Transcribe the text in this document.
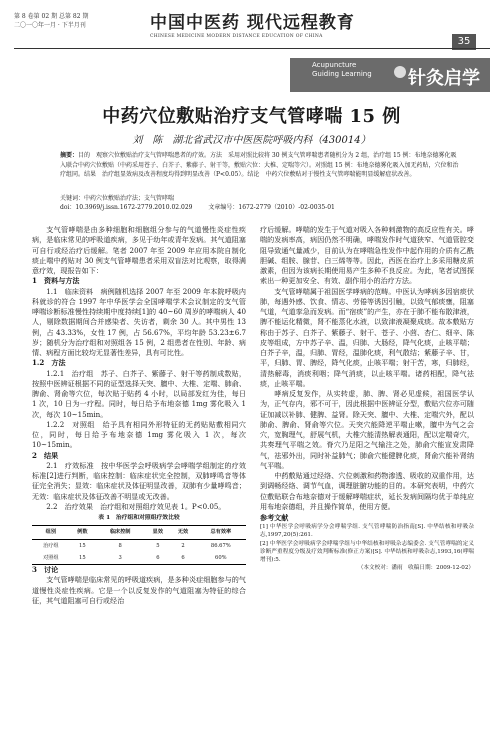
第 8 卷第 02 期 总第 82 期
二〇一〇年一月 · 下半月刊	中国中医药 现代远程教育
CHINESE MEDICINE MODERN DISTANCE EDUCATION OF CHINA	35
Acupuncture
Guiding Learning 针灸启学
中药穴位敷贴治疗支气管哮喘 15 例
刘　陈　湖北省武汉市中医医院呼吸内科（430014）
摘要：目的　观察穴位敷贴治疗支气管哮喘患者的疗效。方法　采用对照比较将 30 例支气管哮喘患者随机分为 2 组，治疗组 15 例：布地奈德雾化吸入联合中药穴位敷贴（中药采用苍子、白芥子、紫藤子、射干等，敷贴穴位：大椎、定喘等穴）。对照组 15 例：布地奈德雾化吸入加无药贴，穴位和治疗组同。结果　治疗组显效病及改善程度均得到明显改善（P<0.05）。结论　中药穴位敷贴对于慢性支气管哮喘能明显缓解症状改善。
关键词：中药穴位敷贴治疗法；支气管哮喘
doi：10.3969/j.issn.1672-2779.2010.02.029	文章编号：1672-2779（2010）-02-0035-01

支气管哮喘是由多种细胞和细胞组分参与的气道慢性炎症性疾病，是临床常见的呼吸道疾病，多见于幼年或青年发病。其气道阻塞可自行或经治疗后缓解。笔者 2007 年至 2009 年应用本院自制化痰止喘中药贴对 30 例支气管哮喘患者采用双盲法对比观察，取得满意疗效，现报告如下：

1　资料与方法

1.1　临床资料　病例随机选择 2007 年至 2009 年本院呼吸内科就诊的符合 1997 年中华医学会全国哮喘学术会议制定的支气管哮喘诊断标准慢性持续期中度持续[1]的 40~60 周岁的哮喘病人 40 人，剔除数据期间合并感染者、失访者，剩余 30 人。其中男性 13 例，占 43.33%，女性 17 例，占 56.67%，平均年龄 53.23±6.7 岁；随机分为治疗组和对照组各 15 例，2 组患者在性别、年龄、病情、病程方面比较均无显著性差异，具有可比性。

1.2　方法

1.2.1　治疗组　苏子、白芥子、紫藤子、射干等药制成数贴，按照中医辨证根据不同的证型选择天突、膻中、大椎、定喘、肺俞、脾俞、肾俞等穴位，每次贴于贴药 4 小时，以局部发红为佳，每日 1 次，10 日为一疗程。同时，每日给予布地奈德 1mg 雾化吸入 1 次，每次 10~15min。

1.2.2　对照组　给予具有相同外形特征的无药贴贴敷相同穴位，同时，每日给予布地奈德 1mg 雾化吸入 1 次，每次 10~15min。

2　结果

2.1　疗效标准　按中华医学会呼吸病学会哮喘学组制定的疗效标准[2]进行判断，临床控制：临床症状完全控制，双肺哮鸣音等体征完全消失；显效：临床症状及体征明显改善，双肺有少量哮鸣音；无效：临床症状及体征改善不明显或无改善。

2.2　治疗效果　治疗组和对照组疗效见表 1。P<0.05。

表 1　治疗组和对照组疗效比较
组别	例数	临床控制	显效	无效	总有效率
治疗组	15	8	5	2	86.67%
对照组	15	3	6	6	60%

3　讨论

支气管哮喘是临床常见的呼吸道疾病，是多种炎症细胞参与的气道慢性炎症性疾病。它是一个以反复发作的气道阻塞为特征的综合征，其气道阻塞可自行或经治

疗后缓解。哮喘的发生于气道对吸入各种刺激物的高反应性有关。哮喘的发病率高，病因仍然不明确，哮喘发作时气道狭窄、气道管腔变阻导致通气量减少，目前认为在哮喘急性发作中起作用的介质有乙酰胆碱、组胺、腺苷、白三烯等等。因此，西医在治疗上多采用糖皮质激素，但因为该病长期使用易产生多种不良反应。为此，笔者试图探索出一种更加安全、有效、副作用小的治疗方法。

支气管哮喘属于祖国医学哮病的范畴。中医认为哮病多因宿痰伏肺，每遇外感、饮食、情志、劳倦等诱因引触，以致气郁痰壅，阻塞气道，气道挛急而发病。而“宿痰”的产生，亦在于肺不能布散津液，脾不能运化精微，肾不能蒸化水液，以致津液凝聚成痰。故本敷贴方称由于苏子、白芥子、紫藤子、射干、苍子、小茴、杏仁、细辛、陈皮等组成，方中苏子辛、温，归肺、大肠经，降气化痰，止咳平喘；白芥子辛，温，归肺、胃经，温肺化痰，利气散结；紫藤子辛、甘，平，归肺、胃、脾经，降气化痰，止咳平喘；射干苦，寒，归肺经，清热解毒，消痰利咽；降气消痰，以止咳平喘。诸药相配，降气祛痰，止咳平喘。

哮病反复发作，从实转虚，肺、脾、肾必见虚候，祖国医学认为，正气存内，邪不可干，因此根据中医辨证分型，敷贴穴位亦可随证加减以补肺、健脾、益肾。除天突、膻中、大椎、定喘穴外，配以肺俞、脾俞、肾俞等穴位。天突穴能降逆平喘止嗽，膻中为气之会穴，宽胸理气，舒展气机，大椎穴能清热解表通阳，配以定喘奇穴，共奏理气平喘之效。脊穴乃足阳之气输注之处，肺俞穴能宣发肃降气，祛邪外出，同时补益肺气；肺俞穴能健脾化痰，肾俞穴能补肾纳气平喘。

中药敷贴通过经络、穴位刺激和药物渗透、吸收的双重作用，达到调畅经络、调节气血，调理脏腑功能的目的。本研究表明，中药穴位敷贴联合布地奈德对于缓解哮喘症状，延长发病间隔均优于单纯应用布地奈德组，并且操作简单，使用方便。

参考文献

[1] 中华医学会呼吸病学分会哮喘学组. 支气管哮喘防治指南[S]. 中华结核和呼吸杂志,1997,20(5):261.

[2] 中华医学会呼吸病学会哮喘学组与中华结核和呼吸杂志编委会. 支气管哮喘的定义诊断严重程度分级及疗效判断标准(修正方案)[S]. 中华结核和呼吸杂志,1993,16(哮喘增刊):5.

（本文校对：潘雨　收稿日期：2009-12-02）
